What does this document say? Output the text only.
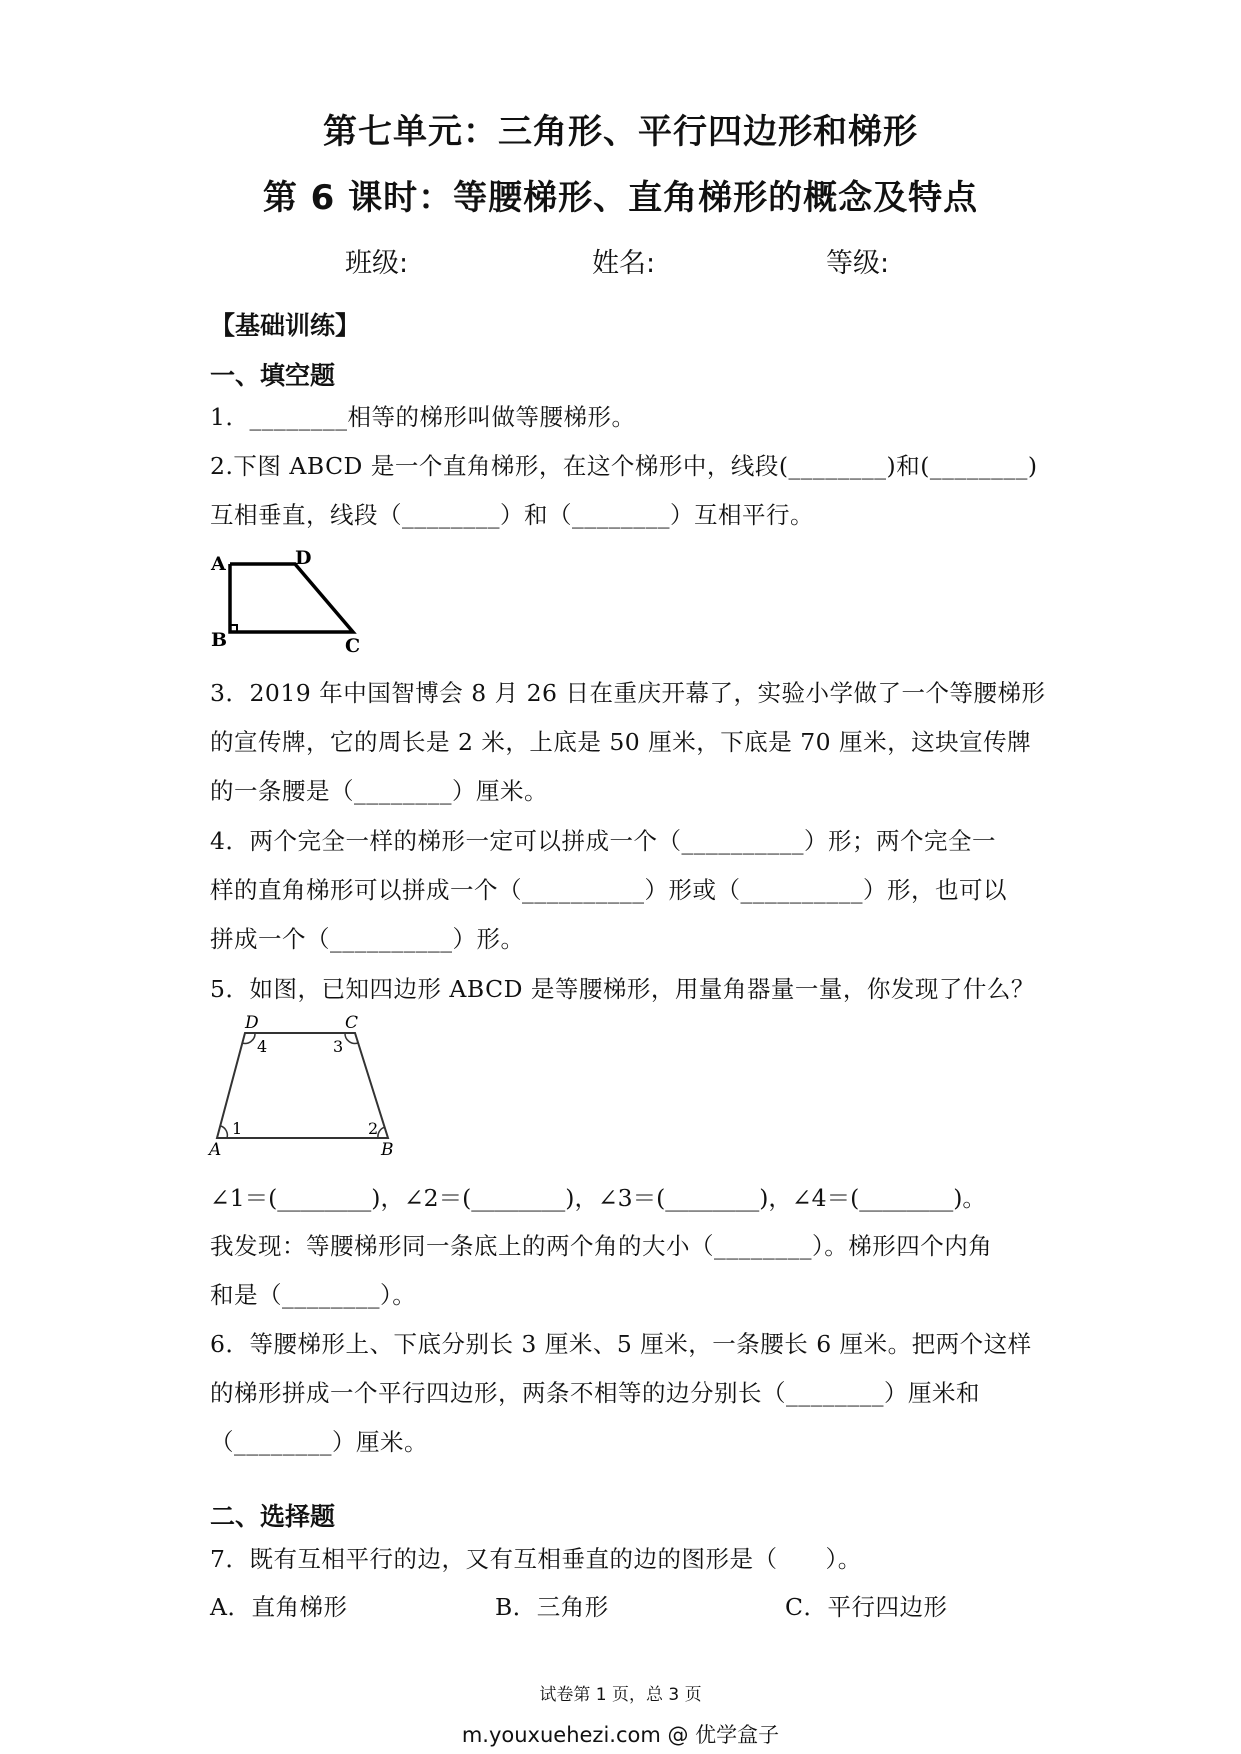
第七单元：三角形、平行四边形和梯形
第 6 课时：等腰梯形、直角梯形的概念及特点
班级:	姓名:	等级:
【基础训练】
一、填空题
1．________相等的梯形叫做等腰梯形。
2.下图 ABCD 是一个直角梯形，在这个梯形中，线段(________)和(________)
互相垂直，线段（________）和（________）互相平行。
A	D
B	C
3．2019 年中国智博会 8 月 26 日在重庆开幕了，实验小学做了一个等腰梯形
的宣传牌，它的周长是 2 米，上底是 50 厘米，下底是 70 厘米，这块宣传牌
的一条腰是（________）厘米。
4．两个完全一样的梯形一定可以拼成一个（__________）形；两个完全一
样的直角梯形可以拼成一个（__________）形或（__________）形，也可以
拼成一个（__________）形。
5．如图，已知四边形 ABCD 是等腰梯形，用量角器量一量，你发现了什么？
D	C
A	B
1	2
3
4
∠1＝(________)，∠2＝(________)，∠3＝(________)，∠4＝(________)。
我发现：等腰梯形同一条底上的两个角的大小（________）。梯形四个内角
和是（________）。
6．等腰梯形上、下底分别长 3 厘米、5 厘米，一条腰长 6 厘米。把两个这样
的梯形拼成一个平行四边形，两条不相等的边分别长（________）厘米和
（________）厘米。
二、选择题
7．既有互相平行的边，又有互相垂直的边的图形是（　　）。
A．直角梯形	B．三角形	C．平行四边形
试卷第 1 页，总 3 页
m.youxuehezi.com @ 优学盒子
